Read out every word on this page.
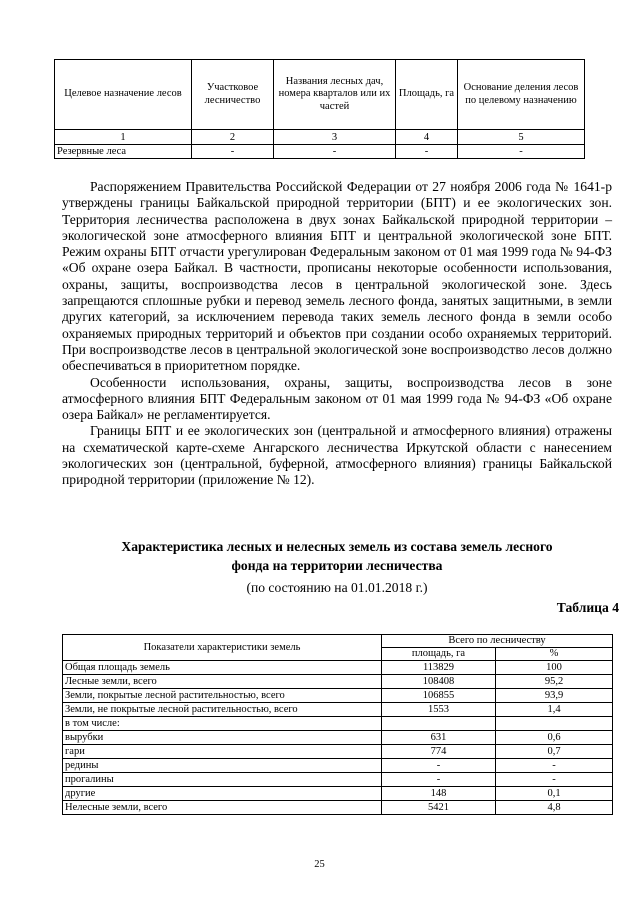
Целевое назначение лесов	Участковое лесничество	Названия лесных дач, номера кварталов или их частей	Площадь, га	Основание деления лесов по целевому назначению
1	2	3	4	5
Резервные леса	-	-	-	-

Распоряжением Правительства Российской Федерации от 27 ноября 2006 года № 1641-р утверждены границы Байкальской природной территории (БПТ) и ее экологических зон. Территория лесничества расположена в двух зонах Байкальской природной территории – экологической зоне атмосферного влияния БПТ и центральной экологической зоне БПТ. Режим охраны БПТ отчасти урегулирован Федеральным законом от 01 мая 1999 года № 94-ФЗ «Об охране озера Байкал. В частности, прописаны некоторые особенности использования, охраны, защиты, воспроизводства лесов в центральной экологической зоне. Здесь запрещаются сплошные рубки и перевод земель лесного фонда, занятых защитными, в земли других категорий, за исключением перевода таких земель лесного фонда в земли особо охраняемых природных территорий и объектов при создании особо охраняемых территорий. При воспроизводстве лесов в центральной экологической зоне воспроизводство лесов должно обеспечиваться в приоритетном порядке.

Особенности использования, охраны, защиты, воспроизводства лесов в зоне атмосферного влияния БПТ Федеральным законом от 01 мая 1999 года № 94-ФЗ «Об охране озера Байкал» не регламентируется.

Границы БПТ и ее экологических зон (центральной и атмосферного влияния) отражены на схематической карте-схеме Ангарского лесничества Иркутской области с нанесением экологических зон (центральной, буферной, атмосферного влияния) границы Байкальской природной территории (приложение № 12).

Характеристика лесных и нелесных земель из состава земель лесного
фонда на территории лесничества
(по состоянию на 01.01.2018 г.)
Таблица 4
Показатели характеристики земель	Всего по лесничеству	
	площадь, га	%
Общая площадь земель	113829	100
Лесные земли, всего	108408	95,2
Земли, покрытые лесной растительностью, всего	106855	93,9
Земли, не покрытые лесной растительностью, всего	1553	1,4
в том числе:		
вырубки	631	0,6
гари	774	0,7
редины	-	-
прогалины	-	-
другие	148	0,1
Нелесные земли, всего	5421	4,8
25
